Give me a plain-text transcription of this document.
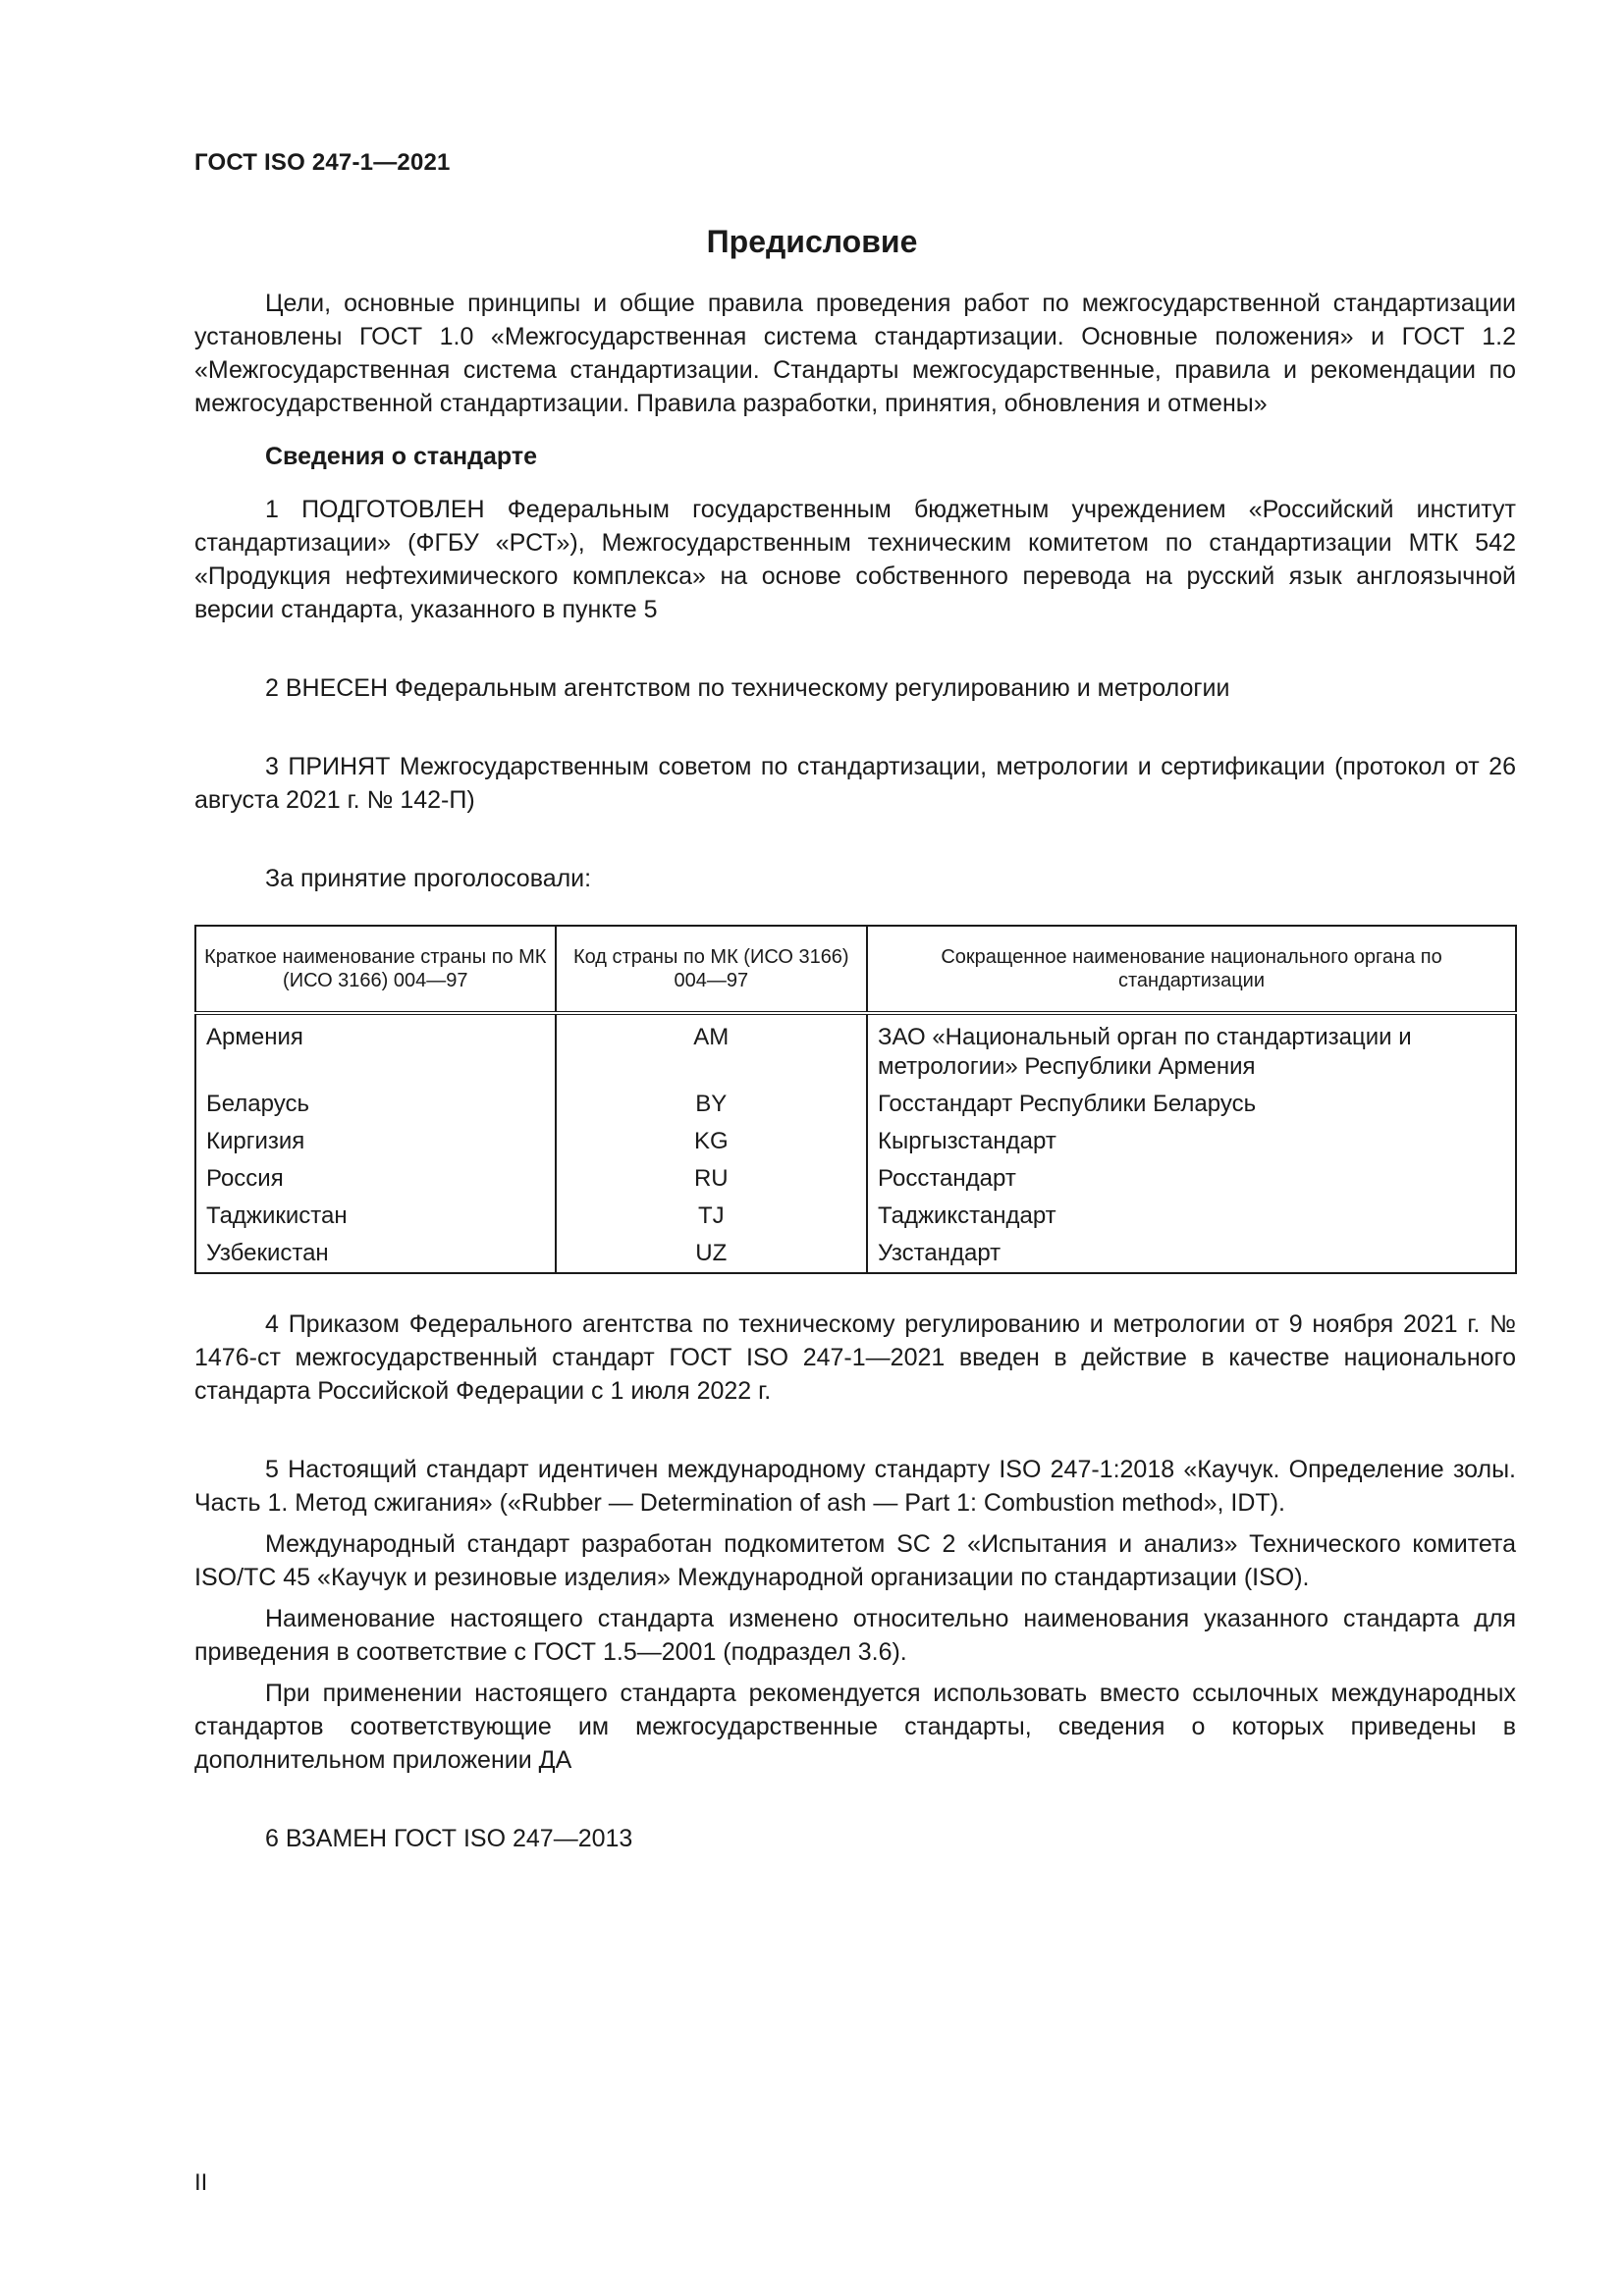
ГОСТ ISO 247-1—2021
Предисловие

Цели, основные принципы и общие правила проведения работ по межгосударственной стандартизации установлены ГОСТ 1.0 «Межгосударственная система стандартизации. Основные положения» и ГОСТ 1.2 «Межгосударственная система стандартизации. Стандарты межгосударственные, правила и рекомендации по межгосударственной стандартизации. Правила разработки, принятия, обновления и отмены»

Сведения о стандарте

1 ПОДГОТОВЛЕН Федеральным государственным бюджетным учреждением «Российский институт стандартизации» (ФГБУ «РСТ»), Межгосударственным техническим комитетом по стандартизации МТК 542 «Продукция нефтехимического комплекса» на основе собственного перевода на русский язык англоязычной версии стандарта, указанного в пункте 5

2 ВНЕСЕН Федеральным агентством по техническому регулированию и метрологии

3 ПРИНЯТ Межгосударственным советом по стандартизации, метрологии и сертификации (протокол от 26 августа 2021 г. № 142-П)

За принятие проголосовали:

Краткое наименование страны по МК (ИСО 3166) 004—97	Код страны по МК (ИСО 3166) 004—97	Сокращенное наименование национального органа по стандартизации
Армения	AM	ЗАО «Национальный орган по стандартизации и метрологии» Республики Армения
Беларусь	BY	Госстандарт Республики Беларусь
Киргизия	KG	Кыргызстандарт
Россия	RU	Росстандарт
Таджикистан	TJ	Таджикстандарт
Узбекистан	UZ	Узстандарт

4 Приказом Федерального агентства по техническому регулированию и метрологии от 9 ноября 2021 г. № 1476-ст межгосударственный стандарт ГОСТ ISO 247-1—2021 введен в действие в качестве национального стандарта Российской Федерации с 1 июля 2022 г.

5 Настоящий стандарт идентичен международному стандарту ISO 247-1:2018 «Каучук. Определение золы. Часть 1. Метод сжигания» («Rubber — Determination of ash — Part 1: Combustion method», IDT).

Международный стандарт разработан подкомитетом SC 2 «Испытания и анализ» Технического комитета ISO/TC 45 «Каучук и резиновые изделия» Международной организации по стандартизации (ISO).

Наименование настоящего стандарта изменено относительно наименования указанного стандарта для приведения в соответствие с ГОСТ 1.5—2001 (подраздел 3.6).

При применении настоящего стандарта рекомендуется использовать вместо ссылочных международных стандартов соответствующие им межгосударственные стандарты, сведения о которых приведены в дополнительном приложении ДА

6 ВЗАМЕН ГОСТ ISO 247—2013

II
